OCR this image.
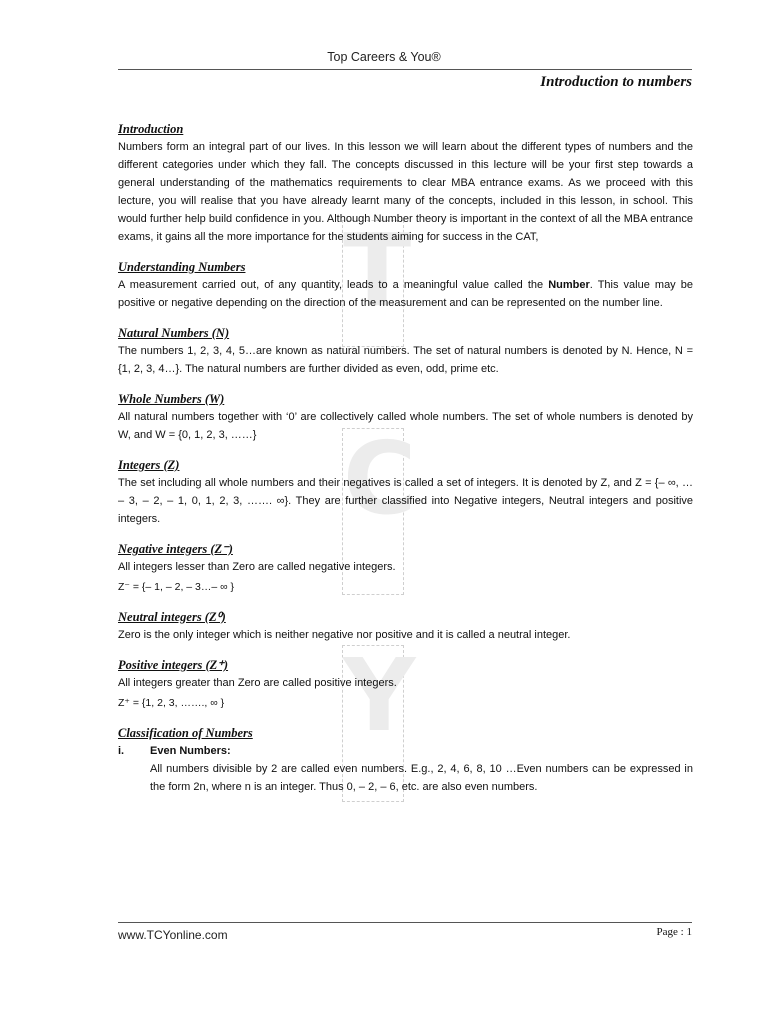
Top Careers & You®
Introduction to numbers
T
C
Y
Introduction

Numbers form an integral part of our lives. In this lesson we will learn about the different types of numbers and the different categories under which they fall. The concepts discussed in this lecture will be your first step towards a general understanding of the mathematics requirements to clear MBA entrance exams. As we proceed with this lecture, you will realise that you have already learnt many of the concepts, included in this lesson, in school. This would further help build confidence in you. Although Number theory is important in the context of all the MBA entrance exams, it gains all the more importance for the students aiming for success in the CAT,

Understanding Numbers

A measurement carried out, of any quantity, leads to a meaningful value called the Number. This value may be positive or negative depending on the direction of the measurement and can be represented on the number line.

Natural Numbers (N)

The numbers 1, 2, 3, 4, 5…are known as natural numbers. The set of natural numbers is denoted by N. Hence, N = {1, 2, 3, 4…}. The natural numbers are further divided as even, odd, prime etc.

Whole Numbers (W)

All natural numbers together with ‘0’ are collectively called whole numbers. The set of whole numbers is denoted by W, and W = {0, 1, 2, 3, ……}

Integers (Z)

The set including all whole numbers and their negatives is called a set of integers. It is denoted by Z, and Z = {– ∞, … – 3, – 2, – 1, 0, 1, 2, 3, ……. ∞}. They are further classified into Negative integers, Neutral integers and positive integers.

Negative integers (Z⁻)

All integers lesser than Zero are called negative integers.

Z⁻ = {– 1, – 2, – 3…– ∞ }

Neutral integers (Z⁰)

Zero is the only integer which is neither negative nor positive and it is called a neutral integer.

Positive integers (Z⁺)

All integers greater than Zero are called positive integers.

Z⁺ = {1, 2, 3, ……., ∞ }

Classification of Numbers
i.	Even Numbers:

All numbers divisible by 2 are called even numbers. E.g., 2, 4, 6, 8, 10 …Even numbers can be expressed in the form 2n, where n is an integer. Thus 0, – 2, – 6, etc. are also even numbers.

www.TCYonline.com	Page : 1
